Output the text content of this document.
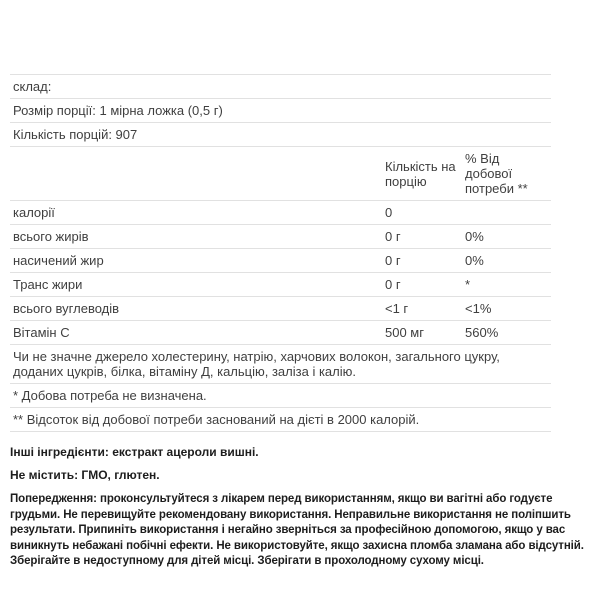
склад:		
Розмір порції: 1 мірна ложка (0,5 г)		
Кількість порцій: 907		
	Кількість на порцію	% Від добової потреби **
калорії	0	
всього жирів	0 г	0%
насичений жир	0 г	0%
Транс жири	0 г	*
всього вуглеводів	<1 г	<1%
Вітамін С	500 мг	560%
Чи не значне джерело холестерину, натрію, харчових волокон, загального цукру, доданих цукрів, білка, вітаміну Д, кальцію, заліза і калію.		
* Добова потреба не визначена.		
** Відсоток від добової потреби заснований на дієті в 2000 калорій.		
Інші інгредієнти: екстракт ацероли вишні.
Не містить: ГМО, глютен.
Попередження: проконсультуйтеся з лікарем перед використанням, якщо ви вагітні або годуєте грудьми. Не перевищуйте рекомендовану використання. Неправильне використання не поліпшить результати. Припиніть використання і негайно зверніться за професійною допомогою, якщо у вас виникнуть небажані побічні ефекти. Не використовуйте, якщо захисна пломба зламана або відсутній. Зберігайте в недоступному для дітей місці. Зберігати в прохолодному сухому місці.
